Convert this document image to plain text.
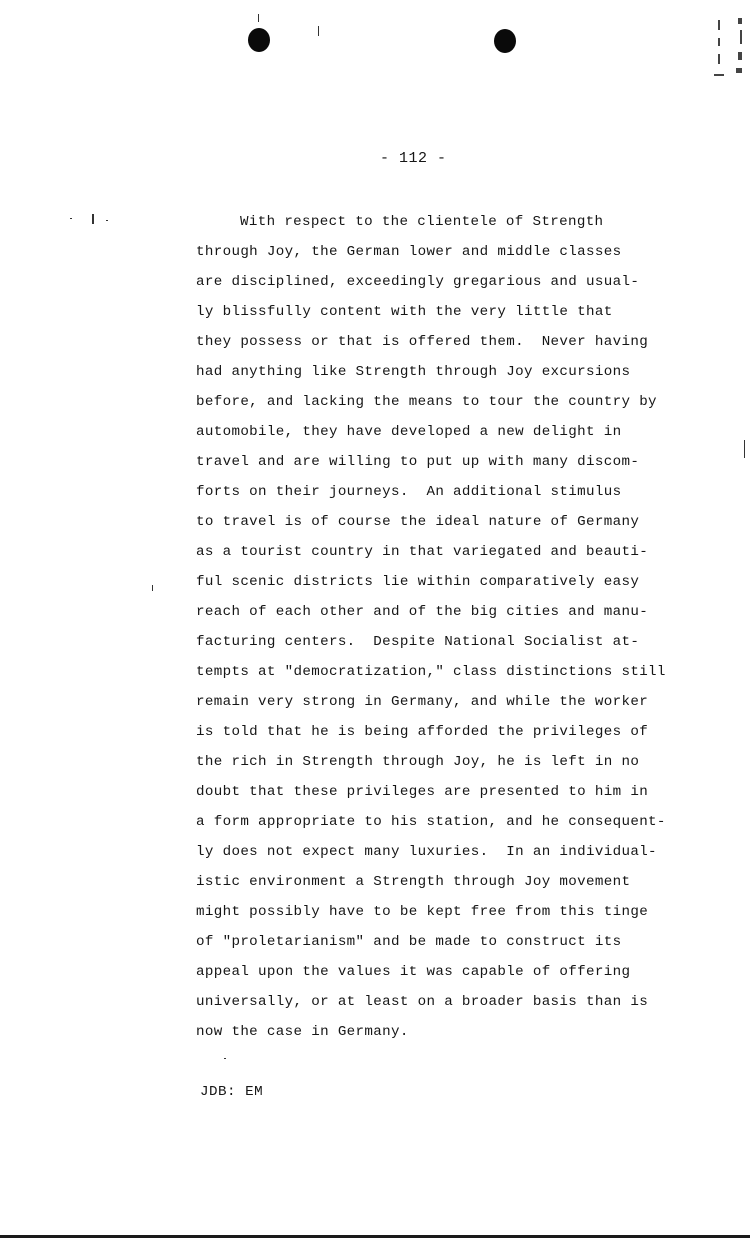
- 112 -
With respect to the clientele of Strength
through Joy, the German lower and middle classes
are disciplined, exceedingly gregarious and usual-
ly blissfully content with the very little that
they possess or that is offered them.  Never having
had anything like Strength through Joy excursions
before, and lacking the means to tour the country by
automobile, they have developed a new delight in
travel and are willing to put up with many discom-
forts on their journeys.  An additional stimulus
to travel is of course the ideal nature of Germany
as a tourist country in that variegated and beauti-
ful scenic districts lie within comparatively easy
reach of each other and of the big cities and manu-
facturing centers.  Despite National Socialist at-
tempts at "democratization," class distinctions still
remain very strong in Germany, and while the worker
is told that he is being afforded the privileges of
the rich in Strength through Joy, he is left in no
doubt that these privileges are presented to him in
a form appropriate to his station, and he consequent-
ly does not expect many luxuries.  In an individual-
istic environment a Strength through Joy movement
might possibly have to be kept free from this tinge
of "proletarianism" and be made to construct its
appeal upon the values it was capable of offering
universally, or at least on a broader basis than is
now the case in Germany.
JDB: EM
